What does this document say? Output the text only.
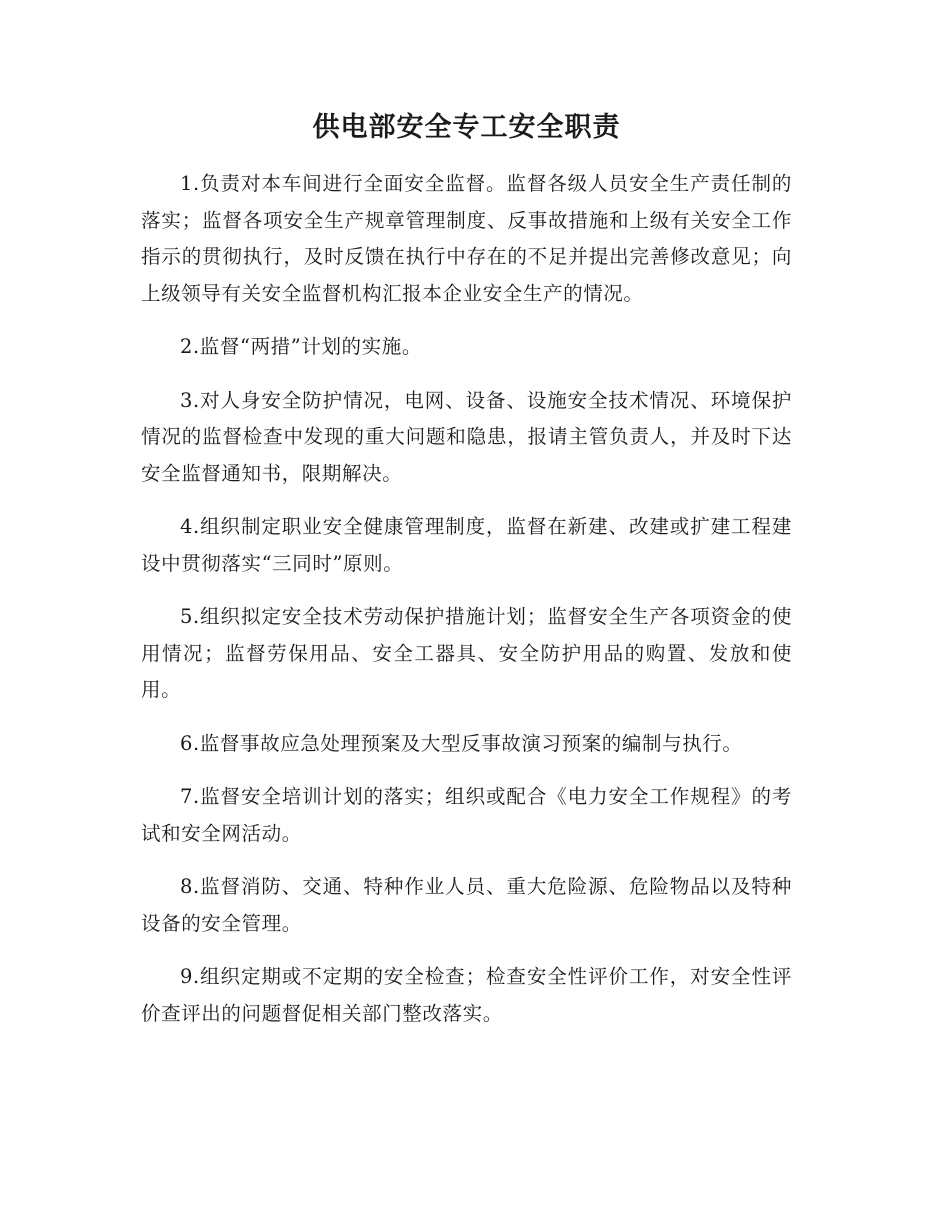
供电部安全专工安全职责

1.负责对本车间进行全面安全监督。监督各级人员安全生产责任制的落实；监督各项安全生产规章管理制度、反事故措施和上级有关安全工作指示的贯彻执行，及时反馈在执行中存在的不足并提出完善修改意见；向上级领导有关安全监督机构汇报本企业安全生产的情况。

2.监督“两措”计划的实施。

3.对人身安全防护情况，电网、设备、设施安全技术情况、环境保护情况的监督检查中发现的重大问题和隐患，报请主管负责人，并及时下达安全监督通知书，限期解决。

4.组织制定职业安全健康管理制度，监督在新建、改建或扩建工程建设中贯彻落实“三同时”原则。

5.组织拟定安全技术劳动保护措施计划；监督安全生产各项资金的使用情况；监督劳保用品、安全工器具、安全防护用品的购置、发放和使用。

6.监督事故应急处理预案及大型反事故演习预案的编制与执行。

7.监督安全培训计划的落实；组织或配合《电力安全工作规程》的考试和安全网活动。

8.监督消防、交通、特种作业人员、重大危险源、危险物品以及特种设备的安全管理。

9.组织定期或不定期的安全检查；检查安全性评价工作，对安全性评价查评出的问题督促相关部门整改落实。
